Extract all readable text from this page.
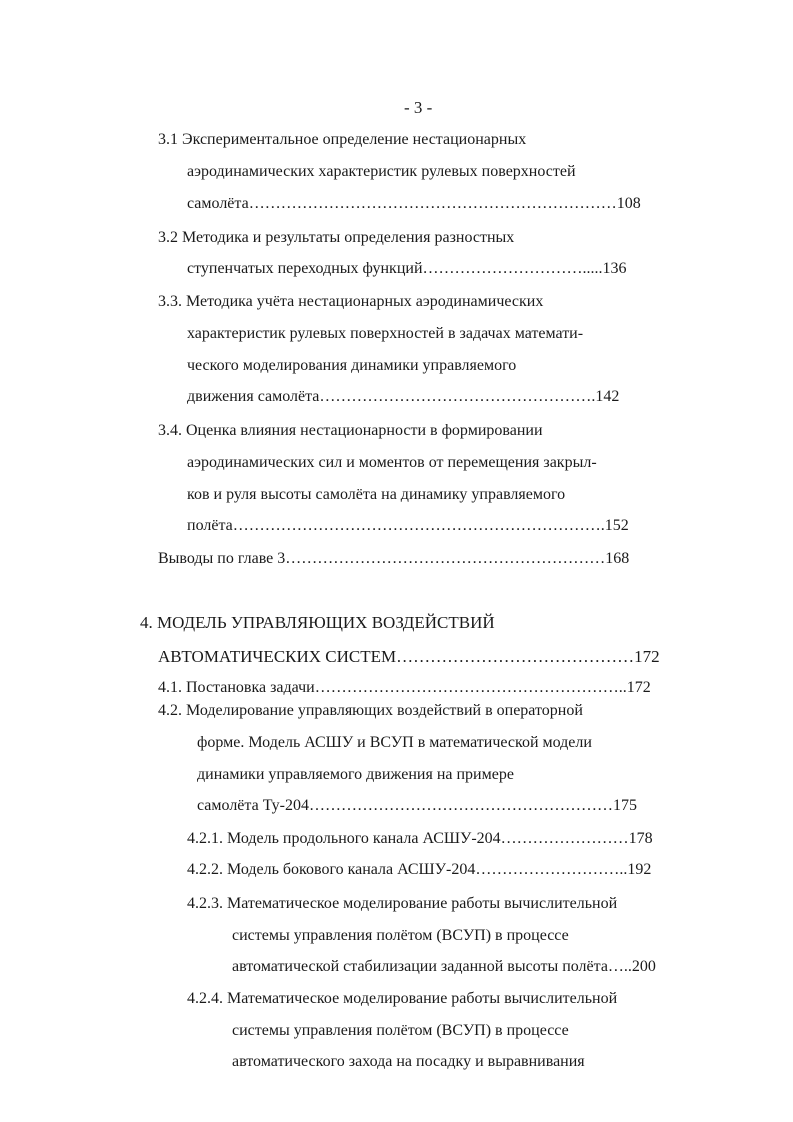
- 3 -

3.1 Экспериментальное определение нестационарных

аэродинамических характеристик рулевых поверхностей

самолёта……………………………………………………………108

3.2 Методика и результаты определения разностных

ступенчатых переходных функций………………………….....136

3.3. Методика учёта нестационарных аэродинамических

характеристик рулевых поверхностей в задачах математи-

ческого моделирования динамики управляемого

движения самолёта…………………………………………….142

3.4. Оценка влияния нестационарности в формировании

аэродинамических сил и моментов от перемещения закрыл-

ков и руля высоты самолёта на динамику управляемого

полёта…………………………………………………………….152

Выводы по главе 3……………………………………………………168

4. МОДЕЛЬ УПРАВЛЯЮЩИХ ВОЗДЕЙСТВИЙ

АВТОМАТИЧЕСКИХ СИСТЕМ……………………………………172

4.1. Постановка задачи…………………………………………………..172

4.2. Моделирование управляющих воздействий в операторной

форме. Модель АСШУ и ВСУП в математической модели

динамики управляемого движения на примере

самолёта Ту-204…………………………………………………175

4.2.1. Модель продольного канала АСШУ-204……………………178

4.2.2. Модель бокового канала АСШУ-204………………………..192

4.2.3. Математическое моделирование работы вычислительной

системы управления полётом (ВСУП) в процессе

автоматической стабилизации заданной высоты полёта…..200

4.2.4. Математическое моделирование работы вычислительной

системы управления полётом (ВСУП) в процессе

автоматического захода на посадку и выравнивания
